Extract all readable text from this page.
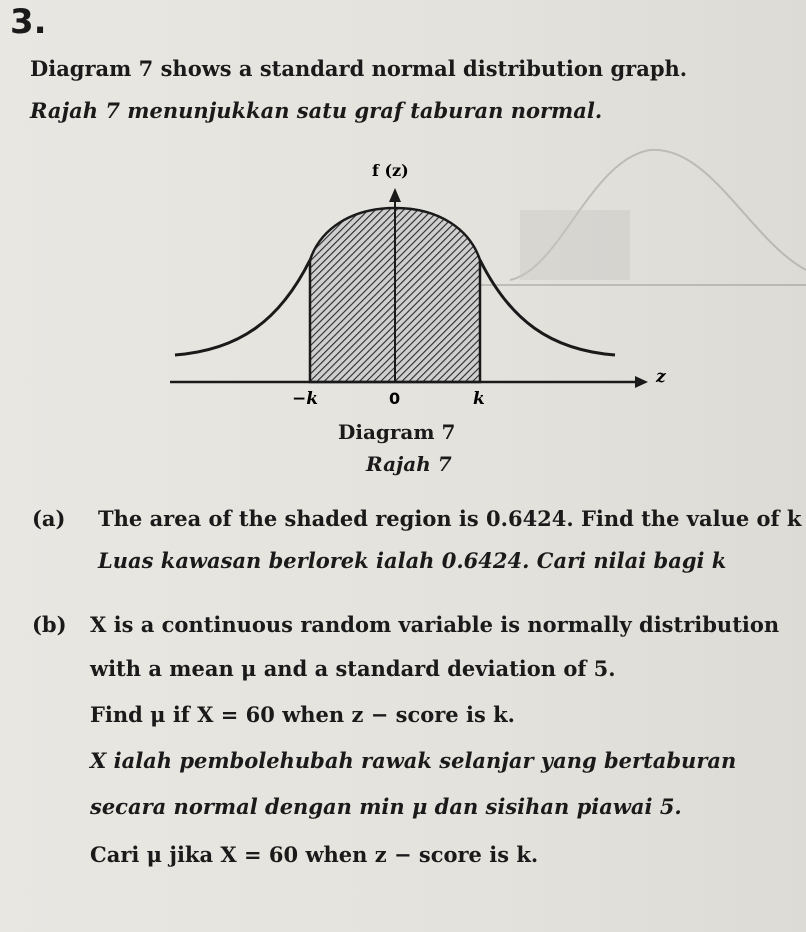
3.
Diagram 7 shows a standard normal distribution graph.
Rajah 7 menunjukkan satu graf taburan normal.
f (z)
z
−k	0	k
Diagram 7
Rajah 7
(a) The area of the shaded region is 0.6424. Find the value of k
Luas kawasan berlorek ialah 0.6424. Cari nilai bagi k
(b) X is a continuous random variable is normally distribution
with a mean μ and a standard deviation of 5.
Find μ if X = 60 when z − score is k.
X ialah pembolehubah rawak selanjar yang bertaburan
secara normal dengan min μ dan sisihan piawai 5.
Cari μ jika X = 60 when z − score is k.
